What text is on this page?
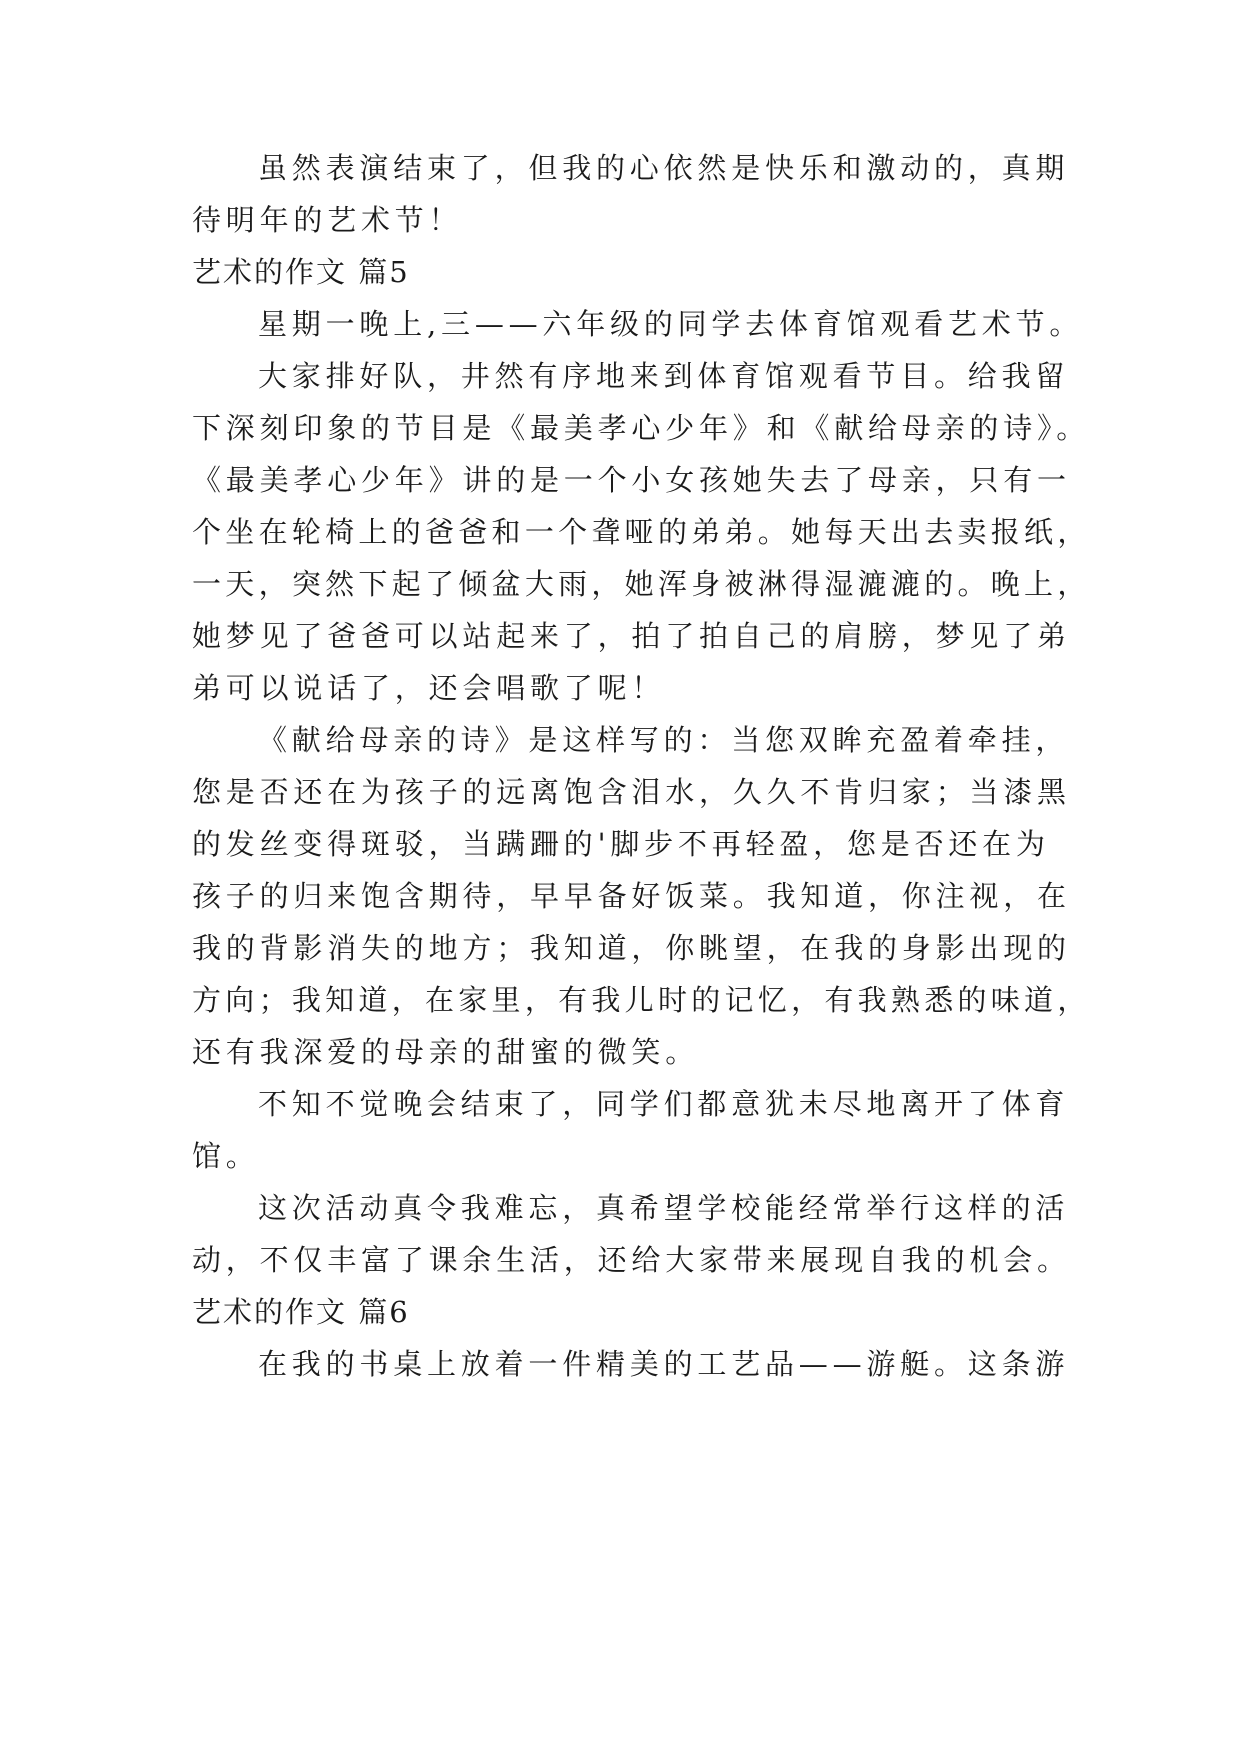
虽然表演结束了，但我的心依然是快乐和激动的，真期
待明年的艺术节！
艺术的作文 篇5
星期一晚上,三——六年级的同学去体育馆观看艺术节。
大家排好队，井然有序地来到体育馆观看节目。给我留
下深刻印象的节目是《最美孝心少年》和《献给母亲的诗》。
《最美孝心少年》讲的是一个小女孩她失去了母亲，只有一
个坐在轮椅上的爸爸和一个聋哑的弟弟。她每天出去卖报纸，
一天，突然下起了倾盆大雨，她浑身被淋得湿漉漉的。晚上，
她梦见了爸爸可以站起来了，拍了拍自己的肩膀，梦见了弟
弟可以说话了，还会唱歌了呢！
《献给母亲的诗》是这样写的：当您双眸充盈着牵挂，
您是否还在为孩子的远离饱含泪水，久久不肯归家；当漆黑
的发丝变得斑驳，当蹒跚的'脚步不再轻盈，您是否还在为
孩子的归来饱含期待，早早备好饭菜。我知道，你注视，在
我的背影消失的地方；我知道，你眺望，在我的身影出现的
方向；我知道，在家里，有我儿时的记忆，有我熟悉的味道，
还有我深爱的母亲的甜蜜的微笑。
不知不觉晚会结束了，同学们都意犹未尽地离开了体育
馆。
这次活动真令我难忘，真希望学校能经常举行这样的活
动，不仅丰富了课余生活，还给大家带来展现自我的机会。
艺术的作文 篇6
在我的书桌上放着一件精美的工艺品——游艇。这条游
